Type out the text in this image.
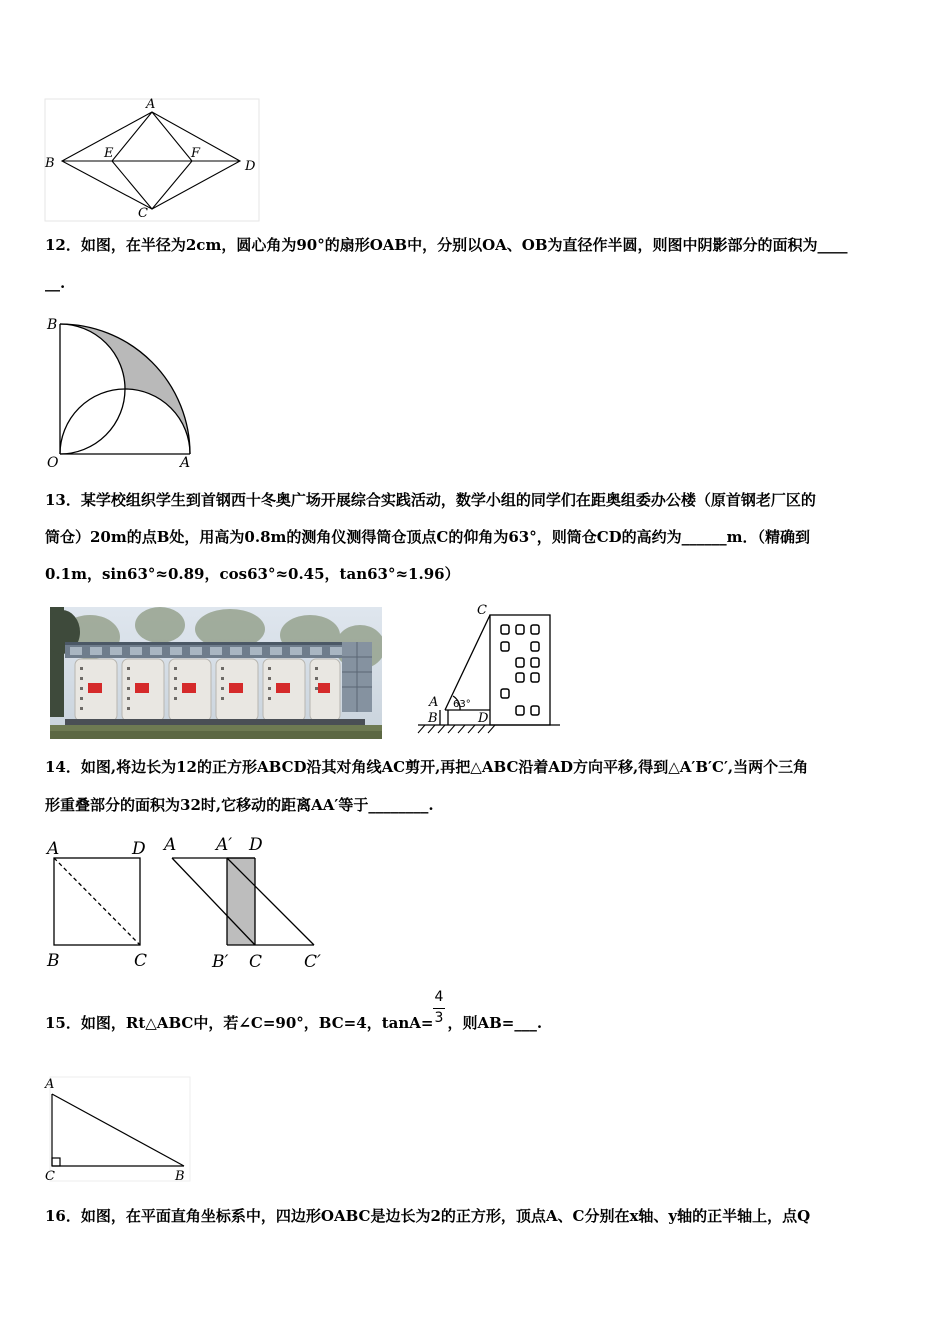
A
B
E	F
D
C
12．如图，在半径为2cm，圆心角为90°的扇形OAB中，分别以OA、OB为直径作半圆，则图中阴影部分的面积为____
__.
B
O	A
13．某学校组织学生到首钢西十冬奥广场开展综合实践活动，数学小组的同学们在距奥组委办公楼（原首钢老厂区的
筒仓）20m的点B处，用高为0.8m的测角仪测得筒仓顶点C的仰角为63°，则筒仓CD的高约为______m．（精确到
0.1m，sin63°≈0.89，cos63°≈0.45，tan63°≈1.96）
C
A
B	D
63°
14．如图,将边长为12的正方形ABCD沿其对角线AC剪开,再把△ABC沿着AD方向平移,得到△A′B′C′,当两个三角
形重叠部分的面积为32时,它移动的距离AA′等于________.
A	D
B	C
A A′ D
B′ C C′
15．如图，Rt△ABC中，若∠C=90°，BC=4，$\tan A= \frac{4}{3}$ ，则AB=___.
A
C	B
16．如图，在平面直角坐标系中，四边形OABC是边长为2的正方形，顶点A、C分别在x轴、y轴的正半轴上，点Q
